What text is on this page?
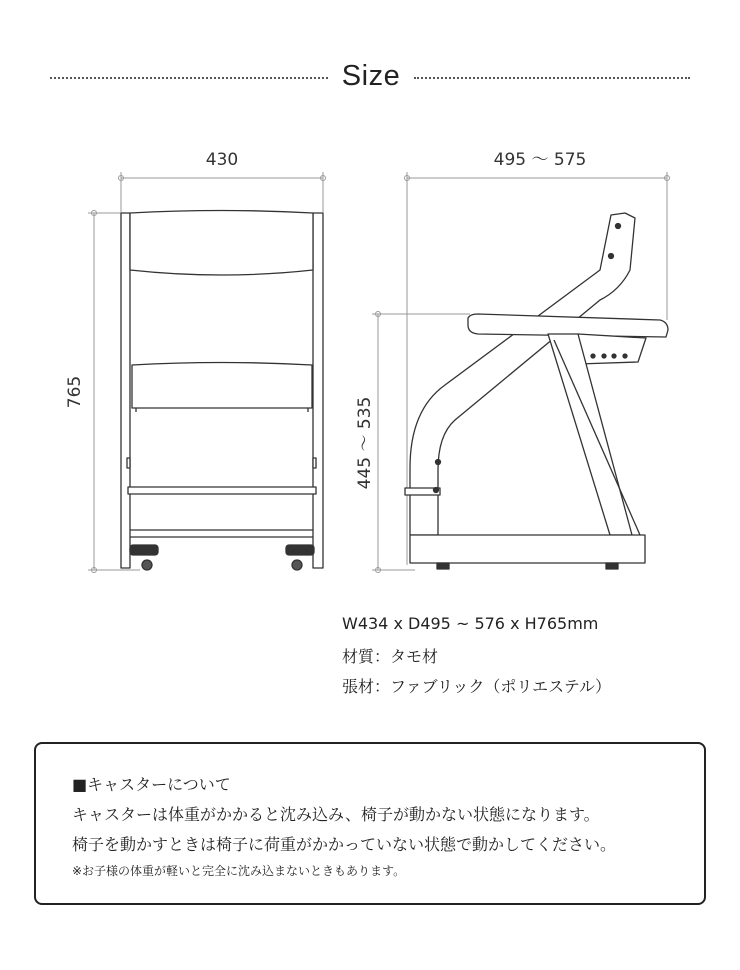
Size
430
765
495 ～ 575
445 ～ 535
W434 x D495 ~ 576 x H765mm
材質：タモ材
張材：ファブリック（ポリエステル）
■キャスターについて
キャスターは体重がかかると沈み込み、椅子が動かない状態になります。
椅子を動かすときは椅子に荷重がかかっていない状態で動かしてください。
※お子様の体重が軽いと完全に沈み込まないときもあります。
